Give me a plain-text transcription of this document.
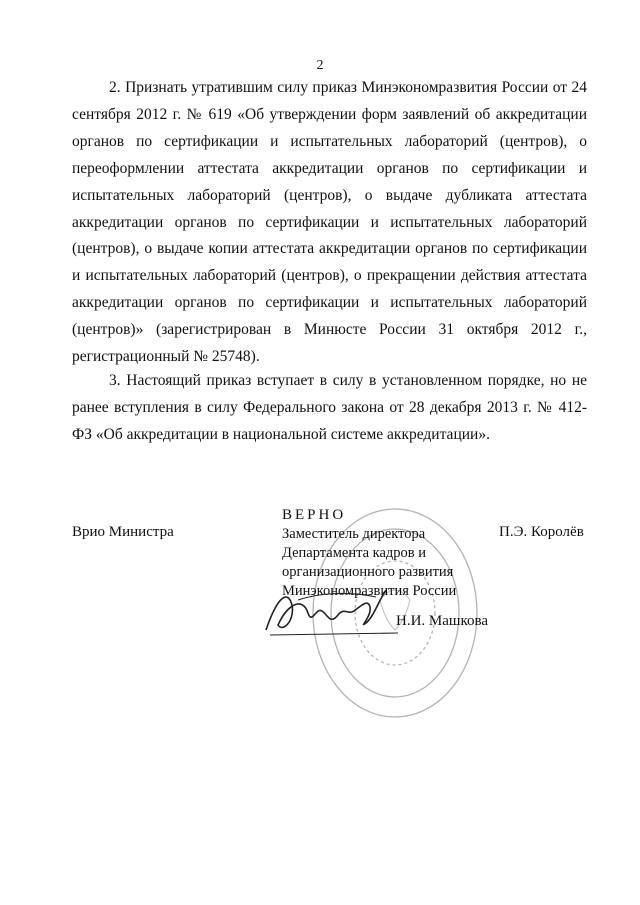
2

2. Признать утратившим силу приказ Минэкономразвития России от 24 сентября 2012 г. № 619 «Об утверждении форм заявлений об аккредитации органов по сертификации и испытательных лабораторий (центров), о переоформлении аттестата аккредитации органов по сертификации и испытательных лабораторий (центров), о выдаче дубликата аттестата аккредитации органов по сертификации и испытательных лабораторий (центров), о выдаче копии аттестата аккредитации органов по сертификации и испытательных лабораторий (центров), о прекращении действия аттестата аккредитации органов по сертификации и испытательных лабораторий (центров)» (зарегистрирован в Минюсте России 31 октября 2012 г., регистрационный № 25748).

3. Настоящий приказ вступает в силу в установленном порядке, но не ранее вступления в силу Федерального закона от 28 декабря 2013 г. № 412-ФЗ «Об аккредитации в национальной системе аккредитации».

Врио Министра	П.Э. Королёв
ВЕРНО
Заместитель директора
Департамента кадров и
организационного развития
Минэкономразвития России
Н.И. Машкова
